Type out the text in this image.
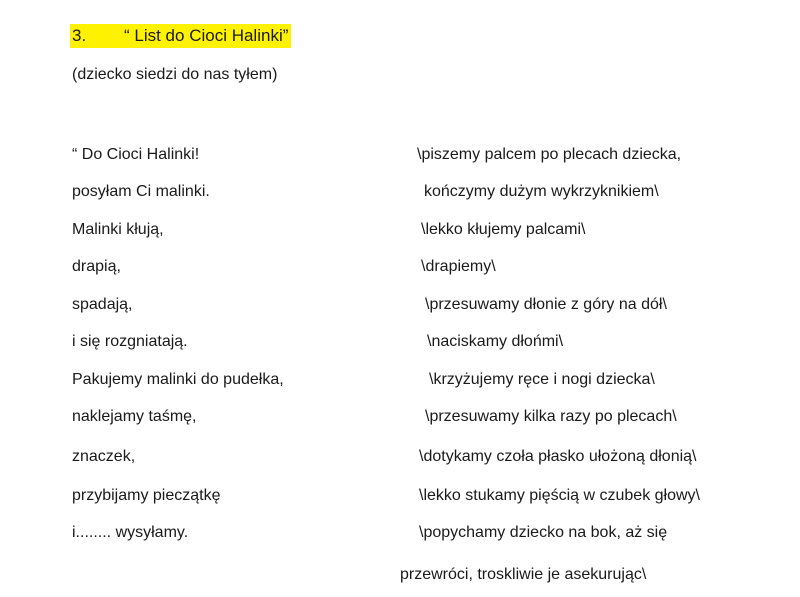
3.	“ List do Cioci Halinki”
(dziecko siedzi do nas tyłem)
“ Do Cioci Halinki!	\piszemy palcem po plecach dziecka,
posyłam Ci malinki.	kończymy dużym wykrzyknikiem\
Malinki kłują,	\lekko kłujemy palcami\
drapią,	\drapiemy\
spadają,	\przesuwamy dłonie z góry na dół\
i się rozgniatają.	\naciskamy dłońmi\
Pakujemy malinki do pudełka,	\krzyżujemy ręce i nogi dziecka\
naklejamy taśmę,	\przesuwamy kilka razy po plecach\
znaczek,	\dotykamy czoła płasko ułożoną dłonią\
przybijamy pieczątkę	\lekko stukamy pięścią w czubek głowy\
i........ wysyłamy.	\popychamy dziecko na bok, aż się
przewróci, troskliwie je asekurując\
